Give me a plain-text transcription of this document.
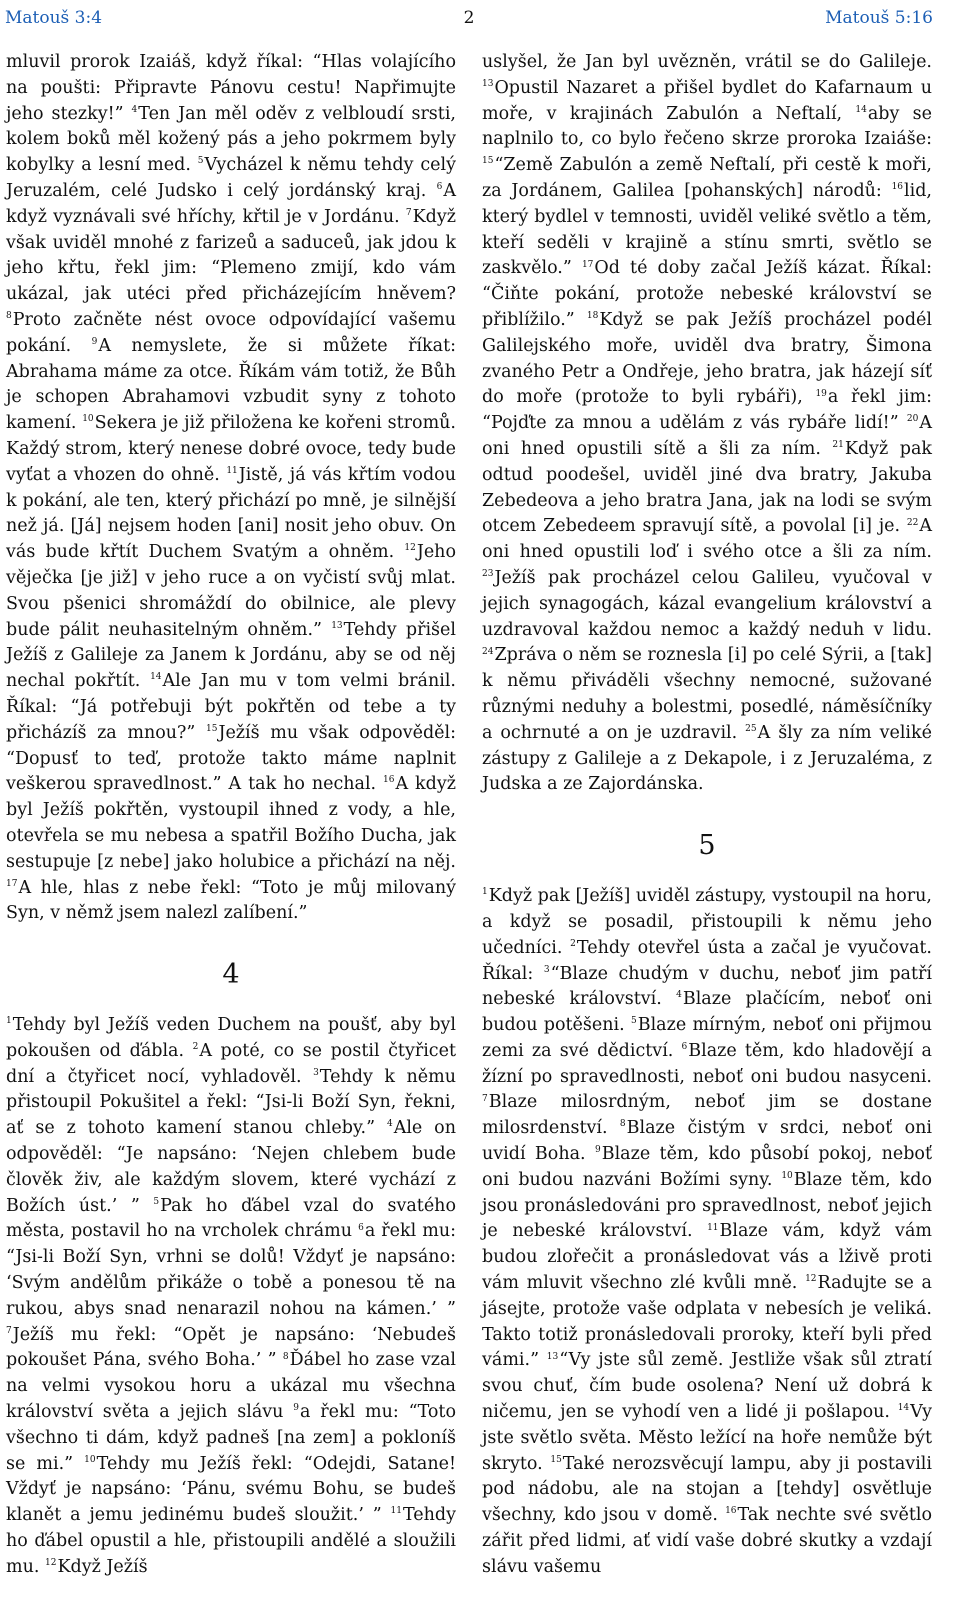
Matouš 3:4	2	Matouš 5:16

mluvil prorok Izaiáš, když říkal: “Hlas volajícího na poušti: Připravte Pánovu cestu! Napřimujte jeho stezky!” $^4$Ten Jan měl oděv z velbloudí srsti, kolem boků měl kožený pás a jeho pokrmem byly kobylky a lesní med. $^5$Vycházel k němu tehdy celý Jeruzalém, celé Judsko i celý jordánský kraj. $^6$A když vyznávali své hříchy, křtil je v Jordánu. $^7$Když však uviděl mnohé z farizeů a saduceů, jak jdou k jeho křtu, řekl jim: “Plemeno zmijí, kdo vám ukázal, jak utéci před přicházejícím hněvem? $^8$Proto začněte nést ovoce odpovídající vašemu pokání. $^9$A nemyslete, že si můžete říkat: Abrahama máme za otce. Říkám vám totiž, že Bůh je schopen Abrahamovi vzbudit syny z tohoto kamení. $^{10}$Sekera je již přiložena ke kořeni stromů. Každý strom, který nenese dobré ovoce, tedy bude vyťat a vhozen do ohně. $^{11}$Jistě, já vás křtím vodou k pokání, ale ten, který přichází po mně, je silnější než já. [Já] nejsem hoden [ani] nosit jeho obuv. On vás bude křtít Duchem Svatým a ohněm. $^{12}$Jeho věječka [je již] v jeho ruce a on vyčistí svůj mlat. Svou pšenici shromáždí do obilnice, ale plevy bude pálit neuhasitelným ohněm.” $^{13}$Tehdy přišel Ježíš z Galileje za Janem k Jordánu, aby se od něj nechal pokřtít. $^{14}$Ale Jan mu v tom velmi bránil. Říkal: “Já potřebuji být pokřtěn od tebe a ty přicházíš za mnou?” $^{15}$Ježíš mu však odpověděl: “Dopusť to teď, protože takto máme naplnit veškerou spravedlnost.” A tak ho nechal. $^{16}$A když byl Ježíš pokřtěn, vystoupil ihned z vody, a hle, otevřela se mu nebesa a spatřil Božího Ducha, jak sestupuje [z nebe] jako holubice a přichází na něj. $^{17}$A hle, hlas z nebe řekl: “Toto je můj milovaný Syn, v němž jsem nalezl zalíbení.”

4

$^1$Tehdy byl Ježíš veden Duchem na poušť, aby byl pokoušen od ďábla. $^2$A poté, co se postil čtyřicet dní a čtyřicet nocí, vyhladověl. $^3$Tehdy k němu přistoupil Pokušitel a řekl: “Jsi-li Boží Syn, řekni, ať se z tohoto kamení stanou chleby.” $^4$Ale on odpověděl: “Je napsáno: ‘Nejen chlebem bude člověk živ, ale každým slovem, které vychází z Božích úst.’ ” $^5$Pak ho ďábel vzal do svatého města, postavil ho na vrcholek chrámu $^6$a řekl mu: “Jsi-li Boží Syn, vrhni se dolů! Vždyť je napsáno: ‘Svým andělům přikáže o tobě a ponesou tě na rukou, abys snad nenarazil nohou na kámen.’ ” $^7$Ježíš mu řekl: “Opět je napsáno: ‘Nebudeš pokoušet Pána, svého Boha.’ ” $^8$Ďábel ho zase vzal na velmi vysokou horu a ukázal mu všechna království světa a jejich slávu $^9$a řekl mu: “Toto všechno ti dám, když padneš [na zem] a pokloníš se mi.” $^{10}$Tehdy mu Ježíš řekl: “Odejdi, Satane! Vždyť je napsáno: ‘Pánu, svému Bohu, se budeš klanět a jemu jedinému budeš sloužit.’ ” $^{11}$Tehdy ho ďábel opustil a hle, přistoupili andělé a sloužili mu. $^{12}$Když Ježíš

uslyšel, že Jan byl uvězněn, vrátil se do Galileje. $^{13}$Opustil Nazaret a přišel bydlet do Kafarnaum u moře, v krajinách Zabulón a Neftalí, $^{14}$aby se naplnilo to, co bylo řečeno skrze proroka Izaiáše: $^{15}$“Země Zabulón a země Neftalí, při cestě k moři, za Jordánem, Galilea [pohanských] národů: $^{16}$lid, který bydlel v temnosti, uviděl veliké světlo a těm, kteří seděli v krajině a stínu smrti, světlo se zaskvělo.” $^{17}$Od té doby začal Ježíš kázat. Říkal: “Čiňte pokání, protože nebeské království se přiblížilo.” $^{18}$Když se pak Ježíš procházel podél Galilejského moře, uviděl dva bratry, Šimona zvaného Petr a Ondřeje, jeho bratra, jak házejí síť do moře (protože to byli rybáři), $^{19}$a řekl jim: “Pojďte za mnou a udělám z vás rybáře lidí!” $^{20}$A oni hned opustili sítě a šli za ním. $^{21}$Když pak odtud poodešel, uviděl jiné dva bratry, Jakuba Zebedeova a jeho bratra Jana, jak na lodi se svým otcem Zebedeem spravují sítě, a povolal [i] je. $^{22}$A oni hned opustili loď i svého otce a šli za ním. $^{23}$Ježíš pak procházel celou Galileu, vyučoval v jejich synagogách, kázal evangelium království a uzdravoval každou nemoc a každý neduh v lidu. $^{24}$Zpráva o něm se roznesla [i] po celé Sýrii, a [tak] k němu přiváděli všechny nemocné, sužované různými neduhy a bolestmi, posedlé, náměsíčníky a ochrnuté a on je uzdravil. $^{25}$A šly za ním veliké zástupy z Galileje a z Dekapole, i z Jeruzaléma, z Judska a ze Zajordánska.

5

$^1$Když pak [Ježíš] uviděl zástupy, vystoupil na horu, a když se posadil, přistoupili k němu jeho učedníci. $^2$Tehdy otevřel ústa a začal je vyučovat. Říkal: $^3$“Blaze chudým v duchu, neboť jim patří nebeské království. $^4$Blaze plačícím, neboť oni budou potěšeni. $^5$Blaze mírným, neboť oni přijmou zemi za své dědictví. $^6$Blaze těm, kdo hladovějí a žízní po spravedlnosti, neboť oni budou nasyceni. $^7$Blaze milosrdným, neboť jim se dostane milosrdenství. $^8$Blaze čistým v srdci, neboť oni uvidí Boha. $^9$Blaze těm, kdo působí pokoj, neboť oni budou nazváni Božími syny. $^{10}$Blaze těm, kdo jsou pronásledováni pro spravedlnost, neboť jejich je nebeské království. $^{11}$Blaze vám, když vám budou zlořečit a pronásledovat vás a lživě proti vám mluvit všechno zlé kvůli mně. $^{12}$Radujte se a jásejte, protože vaše odplata v nebesích je veliká. Takto totiž pronásledovali proroky, kteří byli před vámi.” $^{13}$“Vy jste sůl země. Jestliže však sůl ztratí svou chuť, čím bude osolena? Není už dobrá k ničemu, jen se vyhodí ven a lidé ji pošlapou. $^{14}$Vy jste světlo světa. Město ležící na hoře nemůže být skryto. $^{15}$Také nerozsvěcují lampu, aby ji postavili pod nádobu, ale na stojan a [tehdy] osvětluje všechny, kdo jsou v domě. $^{16}$Tak nechte své světlo zářit před lidmi, ať vidí vaše dobré skutky a vzdají slávu vašemu
